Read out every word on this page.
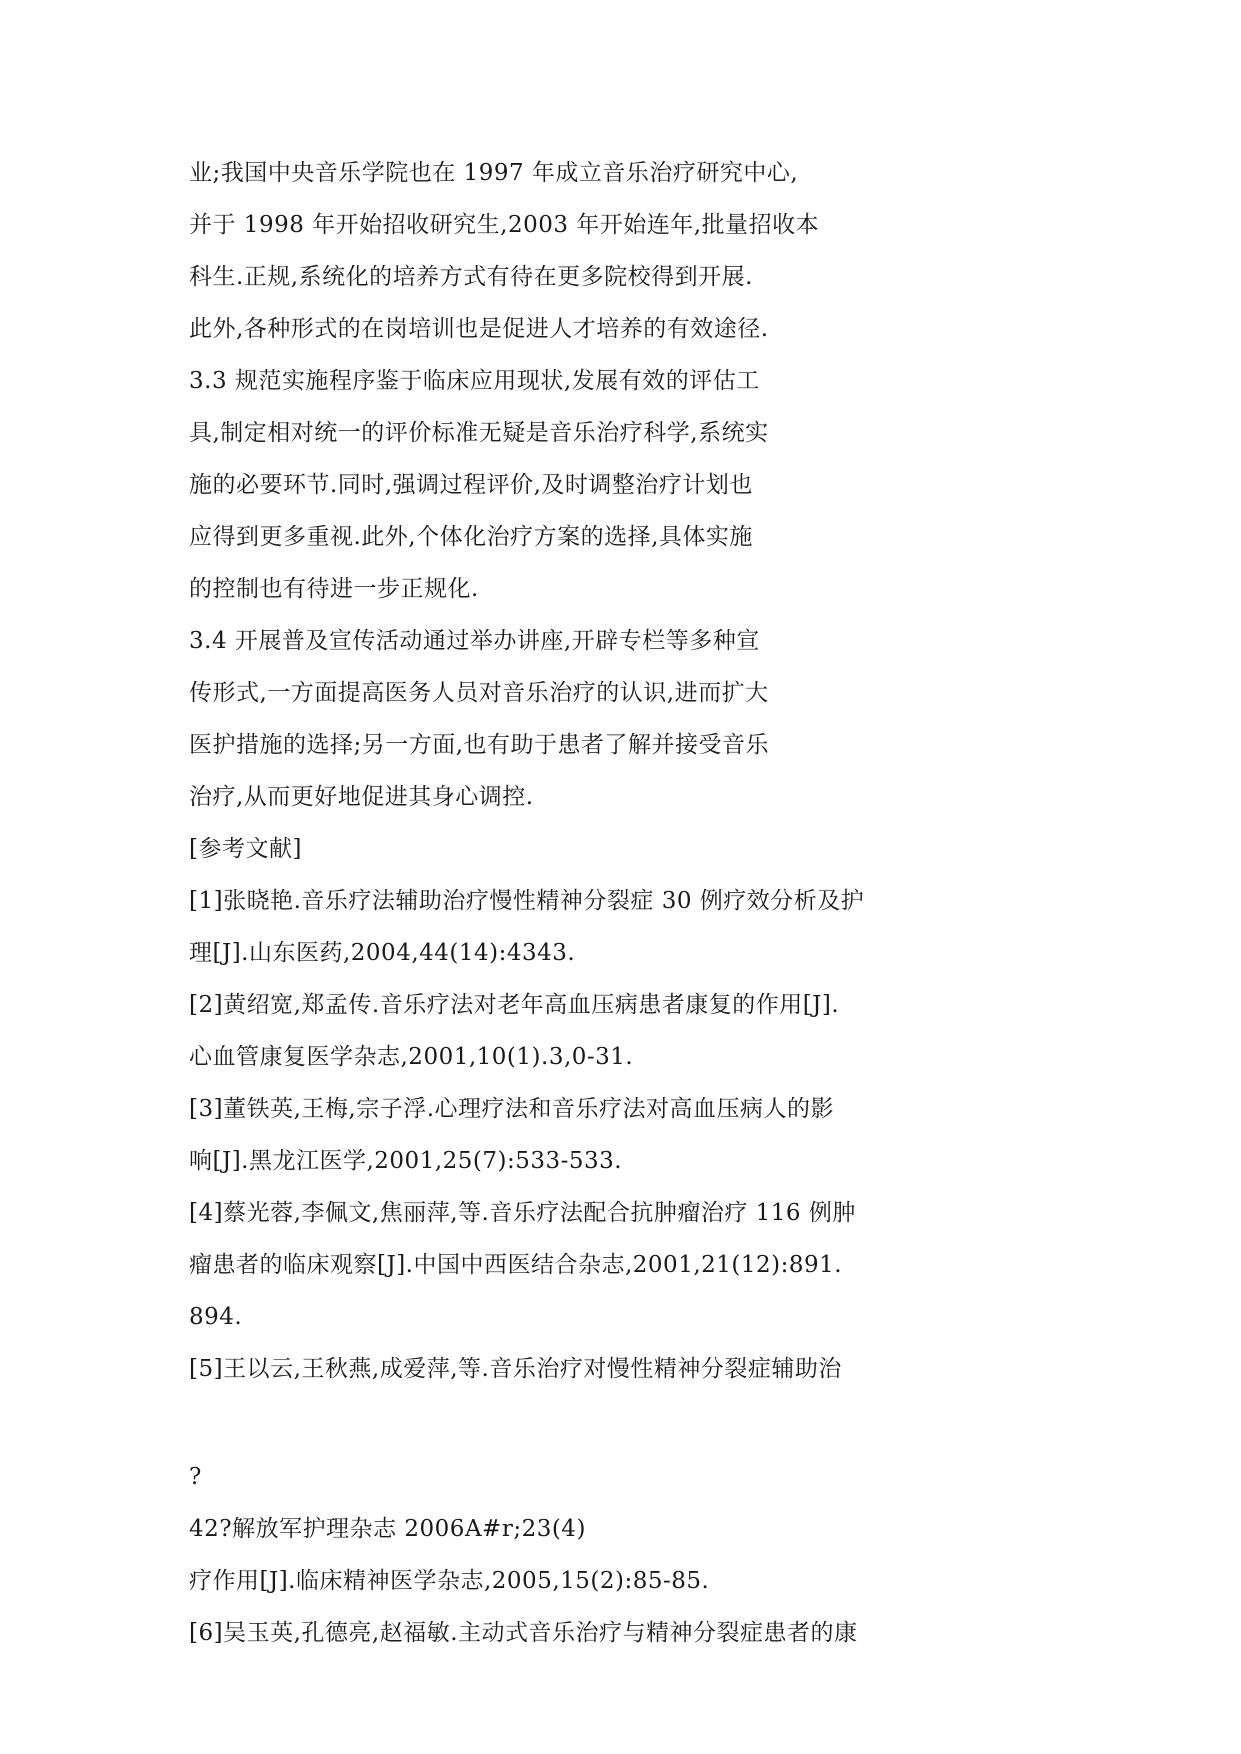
业;我国中央音乐学院也在 1997 年成立音乐治疗研究中心,
并于 1998 年开始招收研究生,2003 年开始连年,批量招收本
科生.正规,系统化的培养方式有待在更多院校得到开展.
此外,各种形式的在岗培训也是促进人才培养的有效途径.
3.3 规范实施程序鉴于临床应用现状,发展有效的评估工
具,制定相对统一的评价标准无疑是音乐治疗科学,系统实
施的必要环节.同时,强调过程评价,及时调整治疗计划也
应得到更多重视.此外,个体化治疗方案的选择,具体实施
的控制也有待进一步正规化.
3.4 开展普及宣传活动通过举办讲座,开辟专栏等多种宣
传形式,一方面提高医务人员对音乐治疗的认识,进而扩大
医护措施的选择;另一方面,也有助于患者了解并接受音乐
治疗,从而更好地促进其身心调控.
[参考文献]
[1]张晓艳.音乐疗法辅助治疗慢性精神分裂症 30 例疗效分析及护
理[J].山东医药,2004,44(14):4343.
[2]黄绍宽,郑孟传.音乐疗法对老年高血压病患者康复的作用[J].
心血管康复医学杂志,2001,10(1).3,0-31.
[3]董铁英,王梅,宗子浮.心理疗法和音乐疗法对高血压病人的影
响[J].黑龙江医学,2001,25(7):533-533.
[4]蔡光蓉,李佩文,焦丽萍,等.音乐疗法配合抗肿瘤治疗 116 例肿
瘤患者的临床观察[J].中国中西医结合杂志,2001,21(12):891.
894.
[5]王以云,王秋燕,成爱萍,等.音乐治疗对慢性精神分裂症辅助治
?
42?解放军护理杂志 2006A#r;23(4)
疗作用[J].临床精神医学杂志,2005,15(2):85-85.
[6]吴玉英,孔德亮,赵福敏.主动式音乐治疗与精神分裂症患者的康
